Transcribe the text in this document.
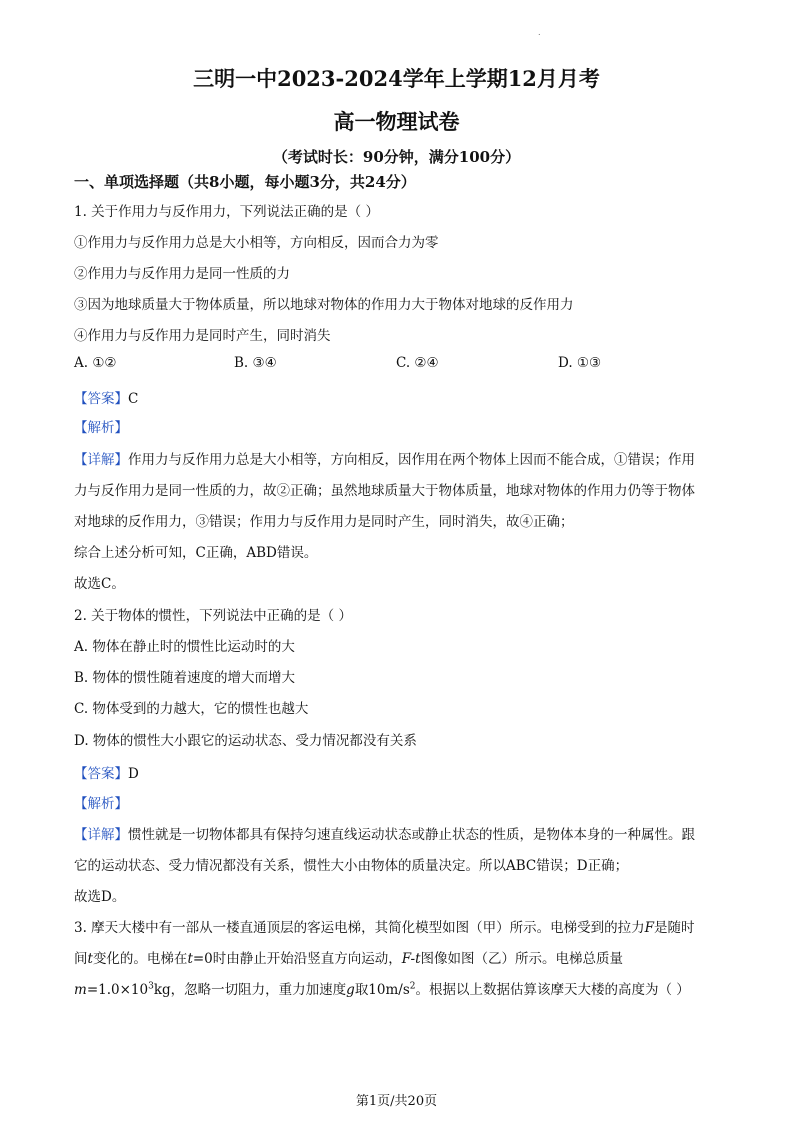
.
三明一中2023-2024学年上学期12月月考
高一物理试卷
（考试时长：90分钟，满分100分）
一、单项选择题（共8小题，每小题3分，共24分）
1. 关于作用力与反作用力，下列说法正确的是（ ）
①作用力与反作用力总是大小相等，方向相反，因而合力为零
②作用力与反作用力是同一性质的力
③因为地球质量大于物体质量，所以地球对物体的作用力大于物体对地球的反作用力
④作用力与反作用力是同时产生，同时消失
A. ①②	B. ③④	C. ②④	D. ①③
【答案】C
【解析】
【详解】作用力与反作用力总是大小相等，方向相反，因作用在两个物体上因而不能合成，①错误；作用
力与反作用力是同一性质的力，故②正确；虽然地球质量大于物体质量，地球对物体的作用力仍等于物体
对地球的反作用力，③错误；作用力与反作用力是同时产生，同时消失，故④正确；
综合上述分析可知，C正确，ABD错误。
故选C。
2. 关于物体的惯性，下列说法中正确的是（ ）
A. 物体在静止时的惯性比运动时的大
B. 物体的惯性随着速度的增大而增大
C. 物体受到的力越大，它的惯性也越大
D. 物体的惯性大小跟它的运动状态、受力情况都没有关系
【答案】D
【解析】
【详解】惯性就是一切物体都具有保持匀速直线运动状态或静止状态的性质，是物体本身的一种属性。跟
它的运动状态、受力情况都没有关系，惯性大小由物体的质量决定。所以ABC错误；D正确；
故选D。
3. 摩天大楼中有一部从一楼直通顶层的客运电梯，其简化模型如图（甲）所示。电梯受到的拉力F是随时
间t变化的。电梯在t=0时由静止开始沿竖直方向运动，F-t图像如图（乙）所示。电梯总质量
$m=1.0\times 10^3kg$，忽略一切阻力，重力加速度g取$10m/s^2$。根据以上数据估算该摩天大楼的高度为（ ）
第1页/共20页
